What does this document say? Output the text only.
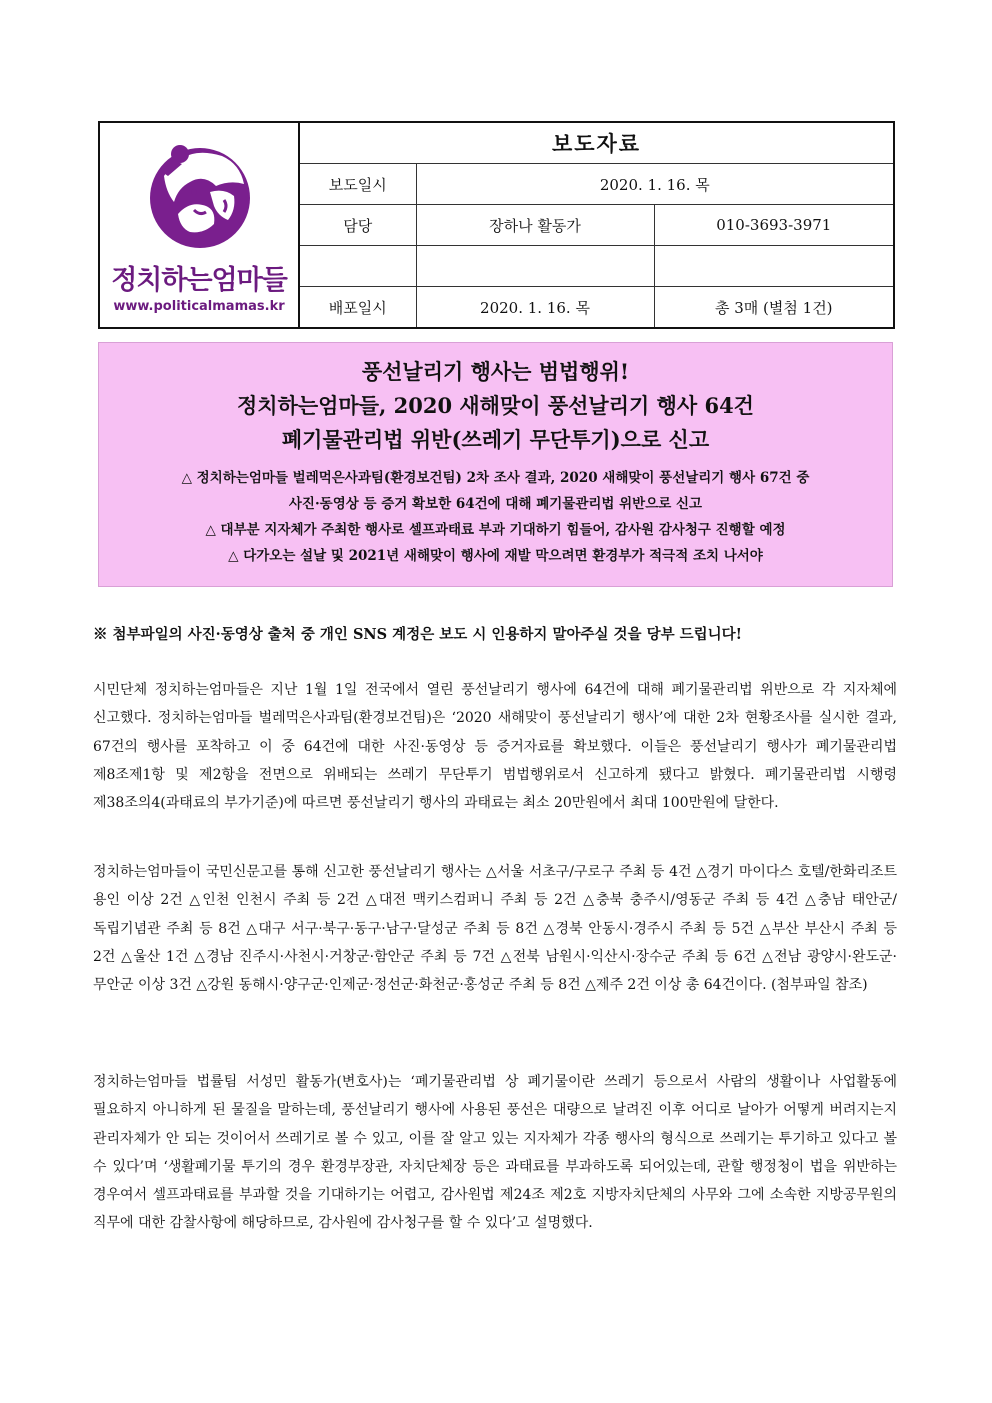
정치하는엄마들
www.politicalmamas.kr	보도자료		
	보도일시	2020. 1. 16. 목	
	담당	장하나 활동가	010-3693-3971

	배포일시	2020. 1. 16. 목	총 3매 (별첨 1건)

풍선날리기 행사는 범법행위!

정치하는엄마들, 2020 새해맞이 풍선날리기 행사 64건

폐기물관리법 위반(쓰레기 무단투기)으로 신고

△ 정치하는엄마들 벌레먹은사과팀(환경보건팀) 2차 조사 결과, 2020 새해맞이 풍선날리기 행사 67건 중

사진·동영상 등 증거 확보한 64건에 대해 폐기물관리법 위반으로 신고

△ 대부분 지자체가 주최한 행사로 셀프과태료 부과 기대하기 힘들어, 감사원 감사청구 진행할 예정

△ 다가오는 설날 및 2021년 새해맞이 행사에 재발 막으려면 환경부가 적극적 조치 나서야

※ 첨부파일의 사진·동영상 출처 중 개인 SNS 계정은 보도 시 인용하지 말아주실 것을 당부 드립니다!

시민단체 정치하는엄마들은 지난 1월 1일 전국에서 열린 풍선날리기 행사에 64건에 대해 폐기물관리법 위반으로 각 지자체에 신고했다. 정치하는엄마들 벌레먹은사과팀(환경보건팀)은 ‘2020 새해맞이 풍선날리기 행사’에 대한 2차 현황조사를 실시한 결과, 67건의 행사를 포착하고 이 중 64건에 대한 사진·동영상 등 증거자료를 확보했다. 이들은 풍선날리기 행사가 폐기물관리법 제8조제1항 및 제2항을 전면으로 위배되는 쓰레기 무단투기 범법행위로서 신고하게 됐다고 밝혔다. 폐기물관리법 시행령 제38조의4(과태료의 부가기준)에 따르면 풍선날리기 행사의 과태료는 최소 20만원에서 최대 100만원에 달한다.

정치하는엄마들이 국민신문고를 통해 신고한 풍선날리기 행사는 △서울 서초구/구로구 주최 등 4건 △경기 마이다스 호텔/한화리조트 용인 이상 2건 △인천 인천시 주최 등 2건 △대전 맥키스컴퍼니 주최 등 2건 △충북 충주시/영동군 주최 등 4건 △충남 태안군/독립기념관 주최 등 8건 △대구 서구·북구·동구·남구·달성군 주최 등 8건 △경북 안동시·경주시 주최 등 5건 △부산 부산시 주최 등 2건 △울산 1건 △경남 진주시·사천시·거창군·함안군 주최 등 7건 △전북 남원시·익산시·장수군 주최 등 6건 △전남 광양시·완도군·무안군 이상 3건 △강원 동해시·양구군·인제군·정선군·화천군·홍성군 주최 등 8건 △제주 2건 이상 총 64건이다. (첨부파일 참조)

정치하는엄마들 법률팀 서성민 활동가(변호사)는 ‘폐기물관리법 상 폐기물이란 쓰레기 등으로서 사람의 생활이나 사업활동에 필요하지 아니하게 된 물질을 말하는데, 풍선날리기 행사에 사용된 풍선은 대량으로 날려진 이후 어디로 날아가 어떻게 버려지는지 관리자체가 안 되는 것이어서 쓰레기로 볼 수 있고, 이를 잘 알고 있는 지자체가 각종 행사의 형식으로 쓰레기는 투기하고 있다고 볼 수 있다’며 ‘생활폐기물 투기의 경우 환경부장관, 자치단체장 등은 과태료를 부과하도록 되어있는데, 관할 행정청이 법을 위반하는 경우여서 셀프과태료를 부과할 것을 기대하기는 어렵고, 감사원법 제24조 제2호 지방자치단체의 사무와 그에 소속한 지방공무원의 직무에 대한 감찰사항에 해당하므로, 감사원에 감사청구를 할 수 있다’고 설명했다.
